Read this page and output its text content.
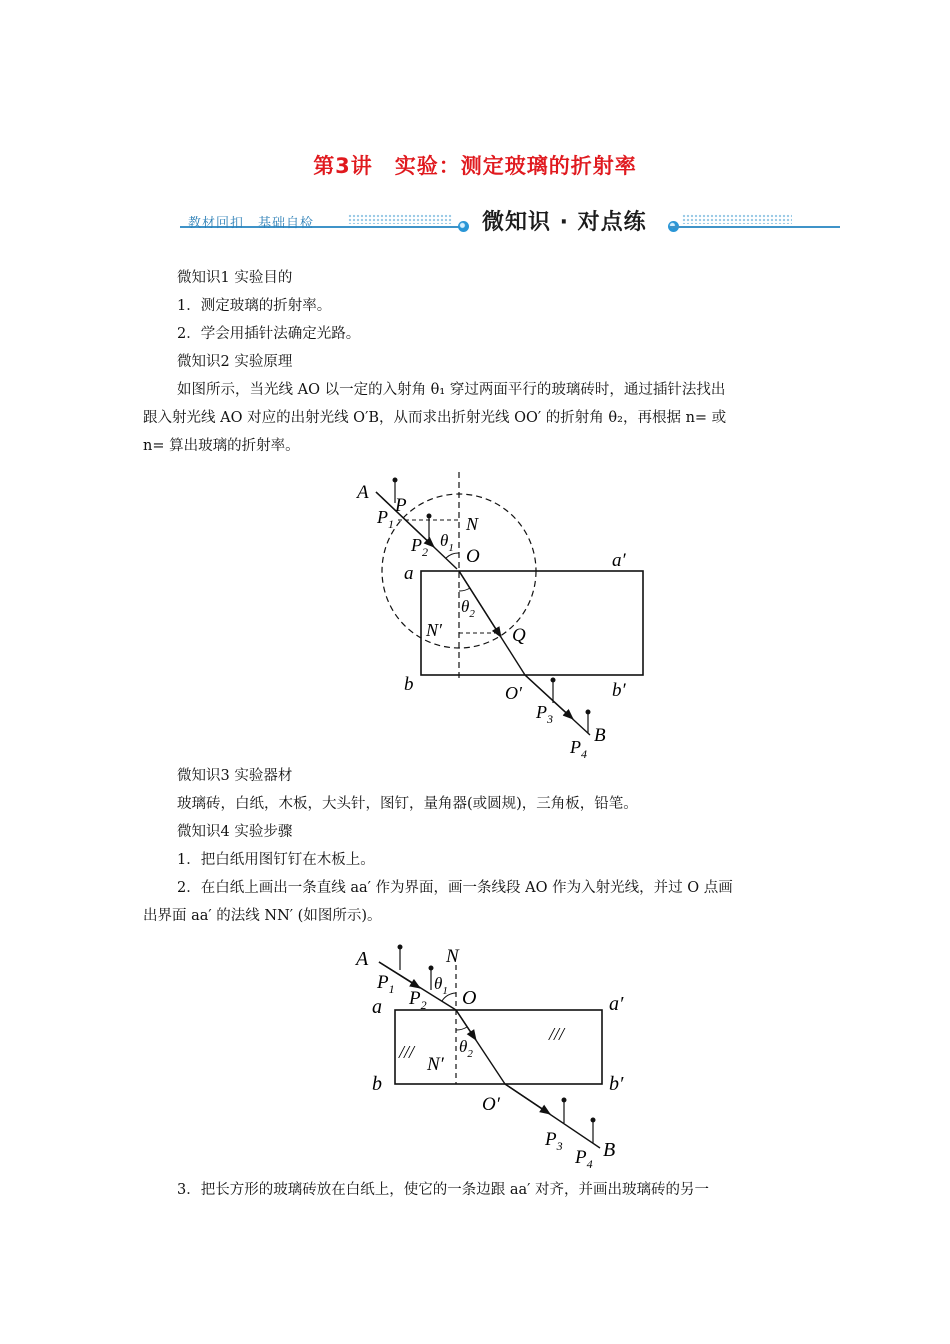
第3讲　实验：测定玻璃的折射率
教材回扣　基础自检	微知识 · 对点练
微知识1 实验目的
1．测定玻璃的折射率。
2．学会用插针法确定光路。
微知识2 实验原理
如图所示，当光线 AO 以一定的入射角 θ₁ 穿过两面平行的玻璃砖时，通过插针法找出
跟入射光线 AO 对应的出射光线 O′B，从而求出折射光线 OO′ 的折射角 θ₂，再根据 n= 或
n= 算出玻璃的折射率。
A
P
$P_1$	N
$\theta_1$
$P_2$ O
a
a′
$\theta_2$
N′	Q
b	b′
O′
$P_3$
B
$P_4$
微知识3 实验器材
玻璃砖，白纸，木板，大头针，图钉，量角器(或圆规)，三角板，铅笔。
微知识4 实验步骤
1．把白纸用图钉钉在木板上。
2．在白纸上画出一条直线 aa′ 作为界面，画一条线段 AO 作为入射光线，并过 O 点画
出界面 aa′ 的法线 NN′ (如图所示)。
A	N
$P_1$ $\theta_1$
$P_2$ O
a	a′
///
///
N′
$\theta_2$
b	b′
O′
$P_3$ B
$P_4$
3．把长方形的玻璃砖放在白纸上，使它的一条边跟 aa′ 对齐，并画出玻璃砖的另一
